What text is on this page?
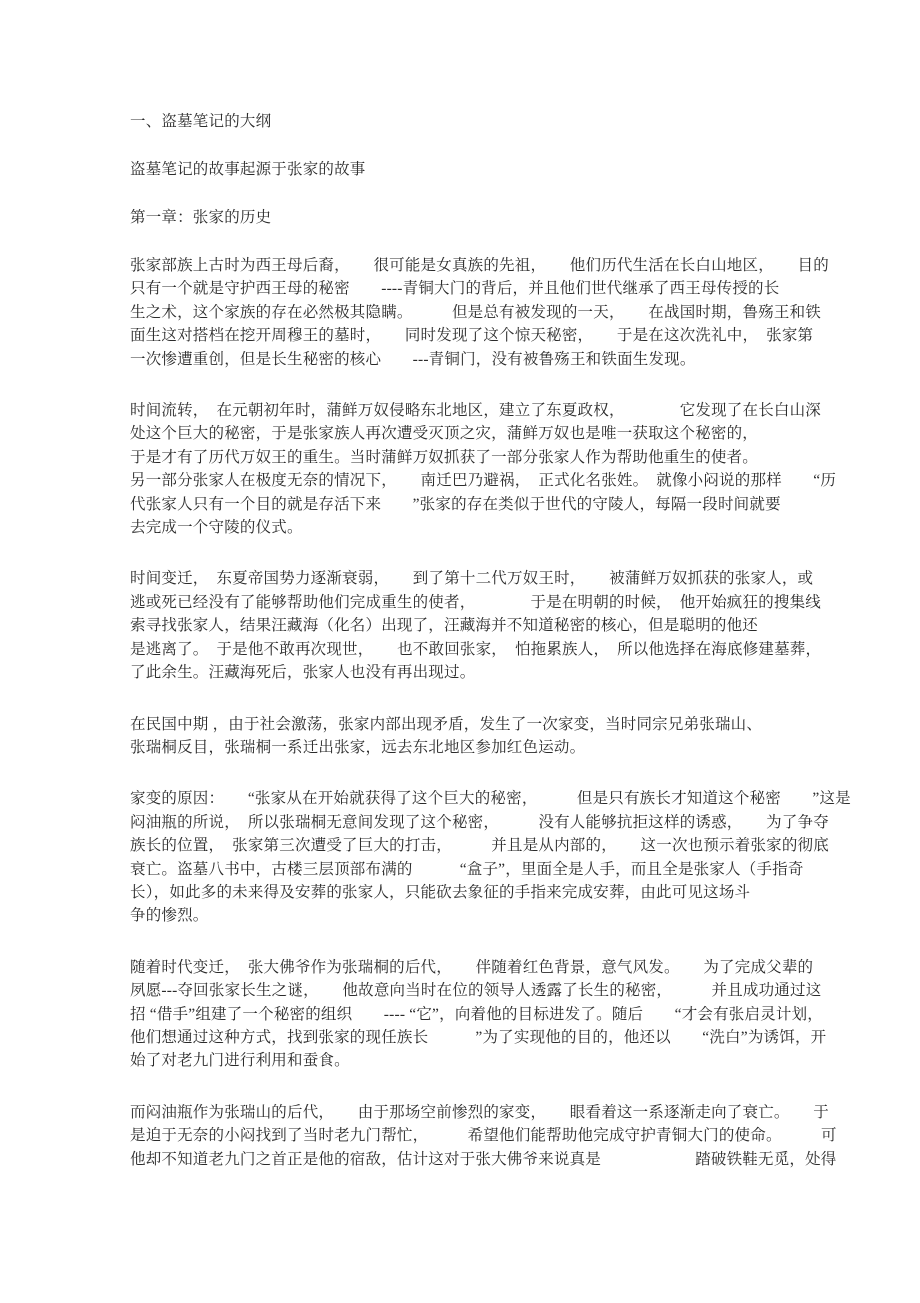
一、盗墓笔记的大纲
盗墓笔记的故事起源于张家的故事
第一章：张家的历史
张家部族上古时为西王母后裔，　　很可能是女真族的先祖，　　他们历代生活在长白山地区，　　目的
只有一个就是守护西王母的秘密　　----青铜大门的背后，并且他们世代继承了西王母传授的长
生之术，这个家族的存在必然极其隐瞒。　　　但是总有被发现的一天，　　在战国时期，鲁殇王和铁
面生这对搭档在挖开周穆王的墓时，　　同时发现了这个惊天秘密，　　于是在这次洗礼中，　张家第
一次惨遭重创，但是长生秘密的核心　　---青铜门，没有被鲁殇王和铁面生发现。
时间流转，　在元朝初年时，蒲鲜万奴侵略东北地区，建立了东夏政权，　　　　它发现了在长白山深
处这个巨大的秘密，于是张家族人再次遭受灭顶之灾，蒲鲜万奴也是唯一获取这个秘密的，
于是才有了历代万奴王的重生。当时蒲鲜万奴抓获了一部分张家人作为帮助他重生的使者。
另一部分张家人在极度无奈的情况下，　　南迁巴乃避祸，　正式化名张姓。　就像小闷说的那样　　“历
代张家人只有一个目的就是存活下来　　”张家的存在类似于世代的守陵人，每隔一段时间就要
去完成一个守陵的仪式。
时间变迁，　东夏帝国势力逐渐衰弱，　　到了第十二代万奴王时，　　被蒲鲜万奴抓获的张家人，或
逃或死已经没有了能够帮助他们完成重生的使者，　　　　于是在明朝的时候，　他开始疯狂的搜集线
索寻找张家人，结果汪藏海（化名）出现了，汪藏海并不知道秘密的核心，但是聪明的他还
是逃离了。　于是他不敢再次现世，　　也不敢回张家，　怕拖累族人，　所以他选择在海底修建墓葬，
了此余生。汪藏海死后，张家人也没有再出现过。
在民国中期 ，由于社会激荡，张家内部出现矛盾，发生了一次家变，当时同宗兄弟张瑞山、
张瑞桐反目，张瑞桐一系迁出张家，远去东北地区参加红色运动。
家变的原因：　　“张家从在开始就获得了这个巨大的秘密，　　　但是只有族长才知道这个秘密　　”这是
闷油瓶的所说，　所以张瑞桐无意间发现了这个秘密，　　　没有人能够抗拒这样的诱惑，　　为了争夺
族长的位置，　张家第三次遭受了巨大的打击，　　　并且是从内部的，　　这一次也预示着张家的彻底
衰亡。盗墓八书中，古楼三层顶部布满的　　　“盒子”，里面全是人手，而且全是张家人（手指奇
长），如此多的未来得及安葬的张家人，只能砍去象征的手指来完成安葬，由此可见这场斗
争的惨烈。
随着时代变迁，　张大佛爷作为张瑞桐的后代，　　伴随着红色背景，意气风发。　　为了完成父辈的
夙愿---夺回张家长生之谜，　　他故意向当时在位的领导人透露了长生的秘密，　　　并且成功通过这
招 “借手”组建了一个秘密的组织　　---- “它”，向着他的目标进发了。随后　　“才会有张启灵计划，
他们想通过这种方式，找到张家的现任族长　　　”为了实现他的目的，他还以　　“洗白”为诱饵，开
始了对老九门进行利用和蚕食。
而闷油瓶作为张瑞山的后代，　　由于那场空前惨烈的家变，　　眼看着这一系逐渐走向了衰亡。　　于
是迫于无奈的小闷找到了当时老九门帮忙，　　　希望他们能帮助他完成守护青铜大门的使命。　　　可
他却不知道老九门之首正是他的宿敌，估计这对于张大佛爷来说真是　　　　　　踏破铁鞋无觅，处得
